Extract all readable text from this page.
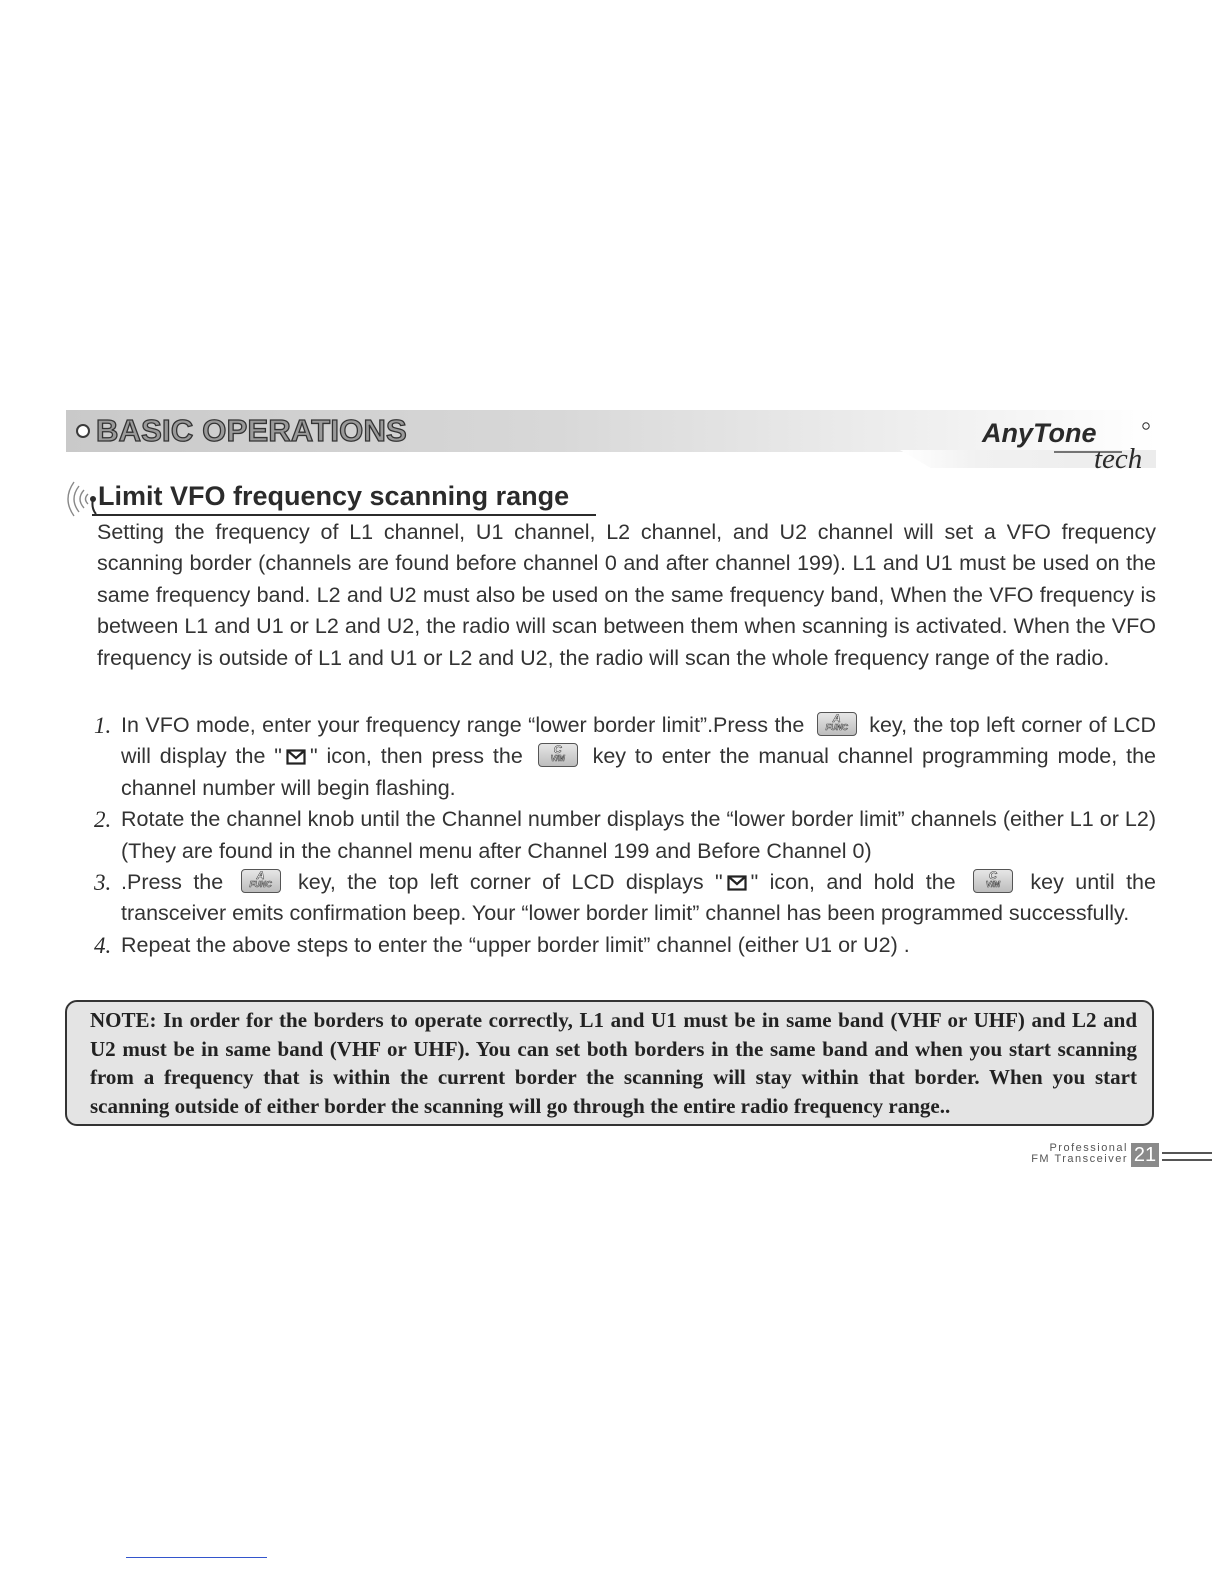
BASIC OPERATIONS	AnyTone
tech
Limit VFO frequency scanning range
Setting the frequency of L1 channel, U1 channel, L2 channel, and U2 channel will set a VFO frequency scanning border (channels are found before channel 0 and after channel 199). L1 and U1 must be used on the same frequency band. L2 and U2 must also be used on the same frequency band, When the VFO frequency is between L1 and U1 or L2 and U2, the radio will scan between them when scanning is activated. When the VFO frequency is outside of L1 and U1 or L2 and U2, the radio will scan the whole frequency range of the radio.

1. In VFO mode, enter your frequency range “lower border limit”.Press the	A
FUNC key, the top left corner of LCD will display the " " icon, then press the	C
V/M	key to enter the manual channel programming mode, the channel number will begin flashing.

2. Rotate the channel knob until the Channel number displays the “lower border limit” channels (either L1 or L2) (They are found in the channel menu after Channel 199 and Before Channel 0)

3. .Press the	A
FUNC	key, the top left corner of LCD displays " " icon, and hold the	C
V/M	key until the transceiver emits confirmation beep. Your “lower border limit” channel has been programmed successfully.

4. Repeat the above steps to enter the “upper border limit” channel (either U1 or U2) .

NOTE: In order for the borders to operate correctly, L1 and U1 must be in same band (VHF or UHF) and L2 and U2 must be in same band (VHF or UHF). You can set both borders in the same band and when you start scanning from a frequency that is within the current border the scanning will stay within that border. When you start scanning outside of either border the scanning will go through the entire radio frequency range..
Professional
FM Transceiver 21
